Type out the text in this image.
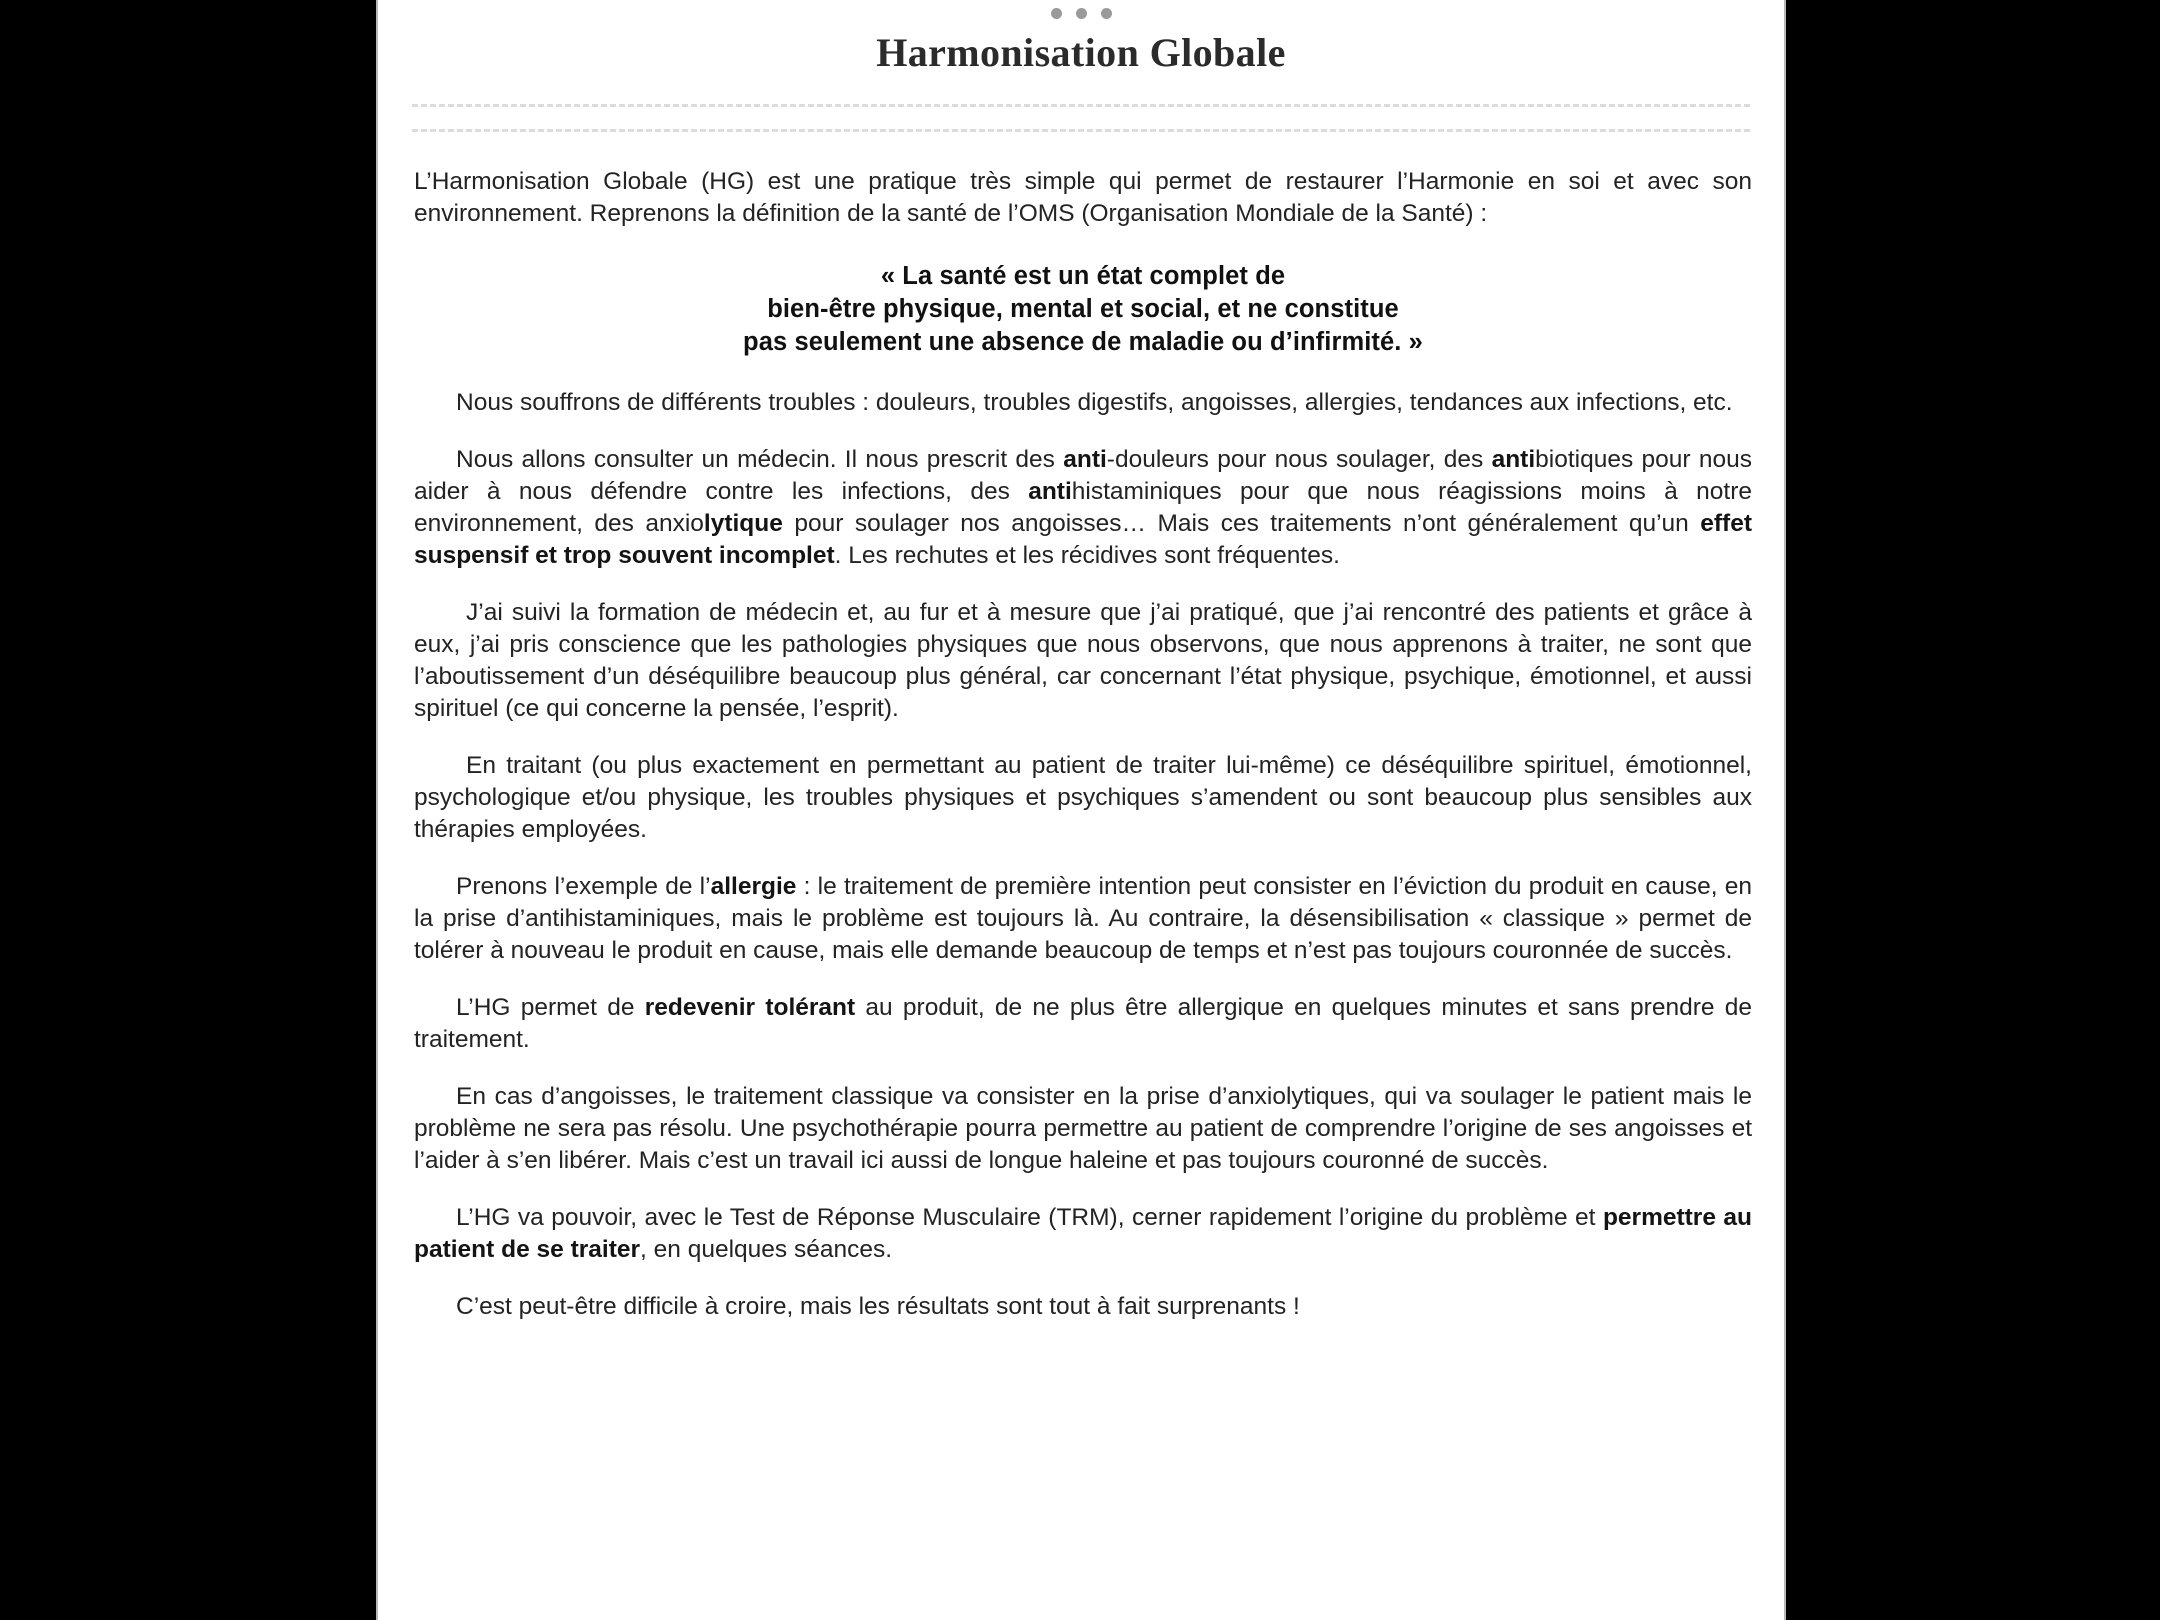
Harmonisation Globale

L’Harmonisation Globale (HG) est une pratique très simple qui permet de restaurer l’Harmonie en soi et avec son environnement. Reprenons la définition de la santé de l’OMS (Organisation Mondiale de la Santé) :

« La santé est un état complet de
bien-être physique, mental et social, et ne constitue
pas seulement une absence de maladie ou d’infirmité. »

Nous souffrons de différents troubles : douleurs, troubles digestifs, angoisses, allergies, tendances aux infections, etc.

Nous allons consulter un médecin. Il nous prescrit des anti-douleurs pour nous soulager, des antibiotiques pour nous aider à nous défendre contre les infections, des antihistaminiques pour que nous réagissions moins à notre environnement, des anxiolytique pour soulager nos angoisses… Mais ces traitements n’ont généralement qu’un effet suspensif et trop souvent incomplet. Les rechutes et les récidives sont fréquentes.

J’ai suivi la formation de médecin et, au fur et à mesure que j’ai pratiqué, que j’ai rencontré des patients et grâce à eux, j’ai pris conscience que les pathologies physiques que nous observons, que nous apprenons à traiter, ne sont que l’aboutissement d’un déséquilibre beaucoup plus général, car concernant l’état physique, psychique, émotionnel, et aussi spirituel (ce qui concerne la pensée, l’esprit).

En traitant (ou plus exactement en permettant au patient de traiter lui-même) ce déséquilibre spirituel, émotionnel, psychologique et/ou physique, les troubles physiques et psychiques s’amendent ou sont beaucoup plus sensibles aux thérapies employées.

Prenons l’exemple de l’allergie : le traitement de première intention peut consister en l’éviction du produit en cause, en la prise d’antihistaminiques, mais le problème est toujours là. Au contraire, la désensibilisation « classique » permet de tolérer à nouveau le produit en cause, mais elle demande beaucoup de temps et n’est pas toujours couronnée de succès.

L’HG permet de redevenir tolérant au produit, de ne plus être allergique en quelques minutes et sans prendre de traitement.

En cas d’angoisses, le traitement classique va consister en la prise d’anxiolytiques, qui va soulager le patient mais le problème ne sera pas résolu. Une psychothérapie pourra permettre au patient de comprendre l’origine de ses angoisses et l’aider à s’en libérer. Mais c’est un travail ici aussi de longue haleine et pas toujours couronné de succès.

L’HG va pouvoir, avec le Test de Réponse Musculaire (TRM), cerner rapidement l’origine du problème et permettre au patient de se traiter, en quelques séances.

C’est peut-être difficile à croire, mais les résultats sont tout à fait surprenants !
